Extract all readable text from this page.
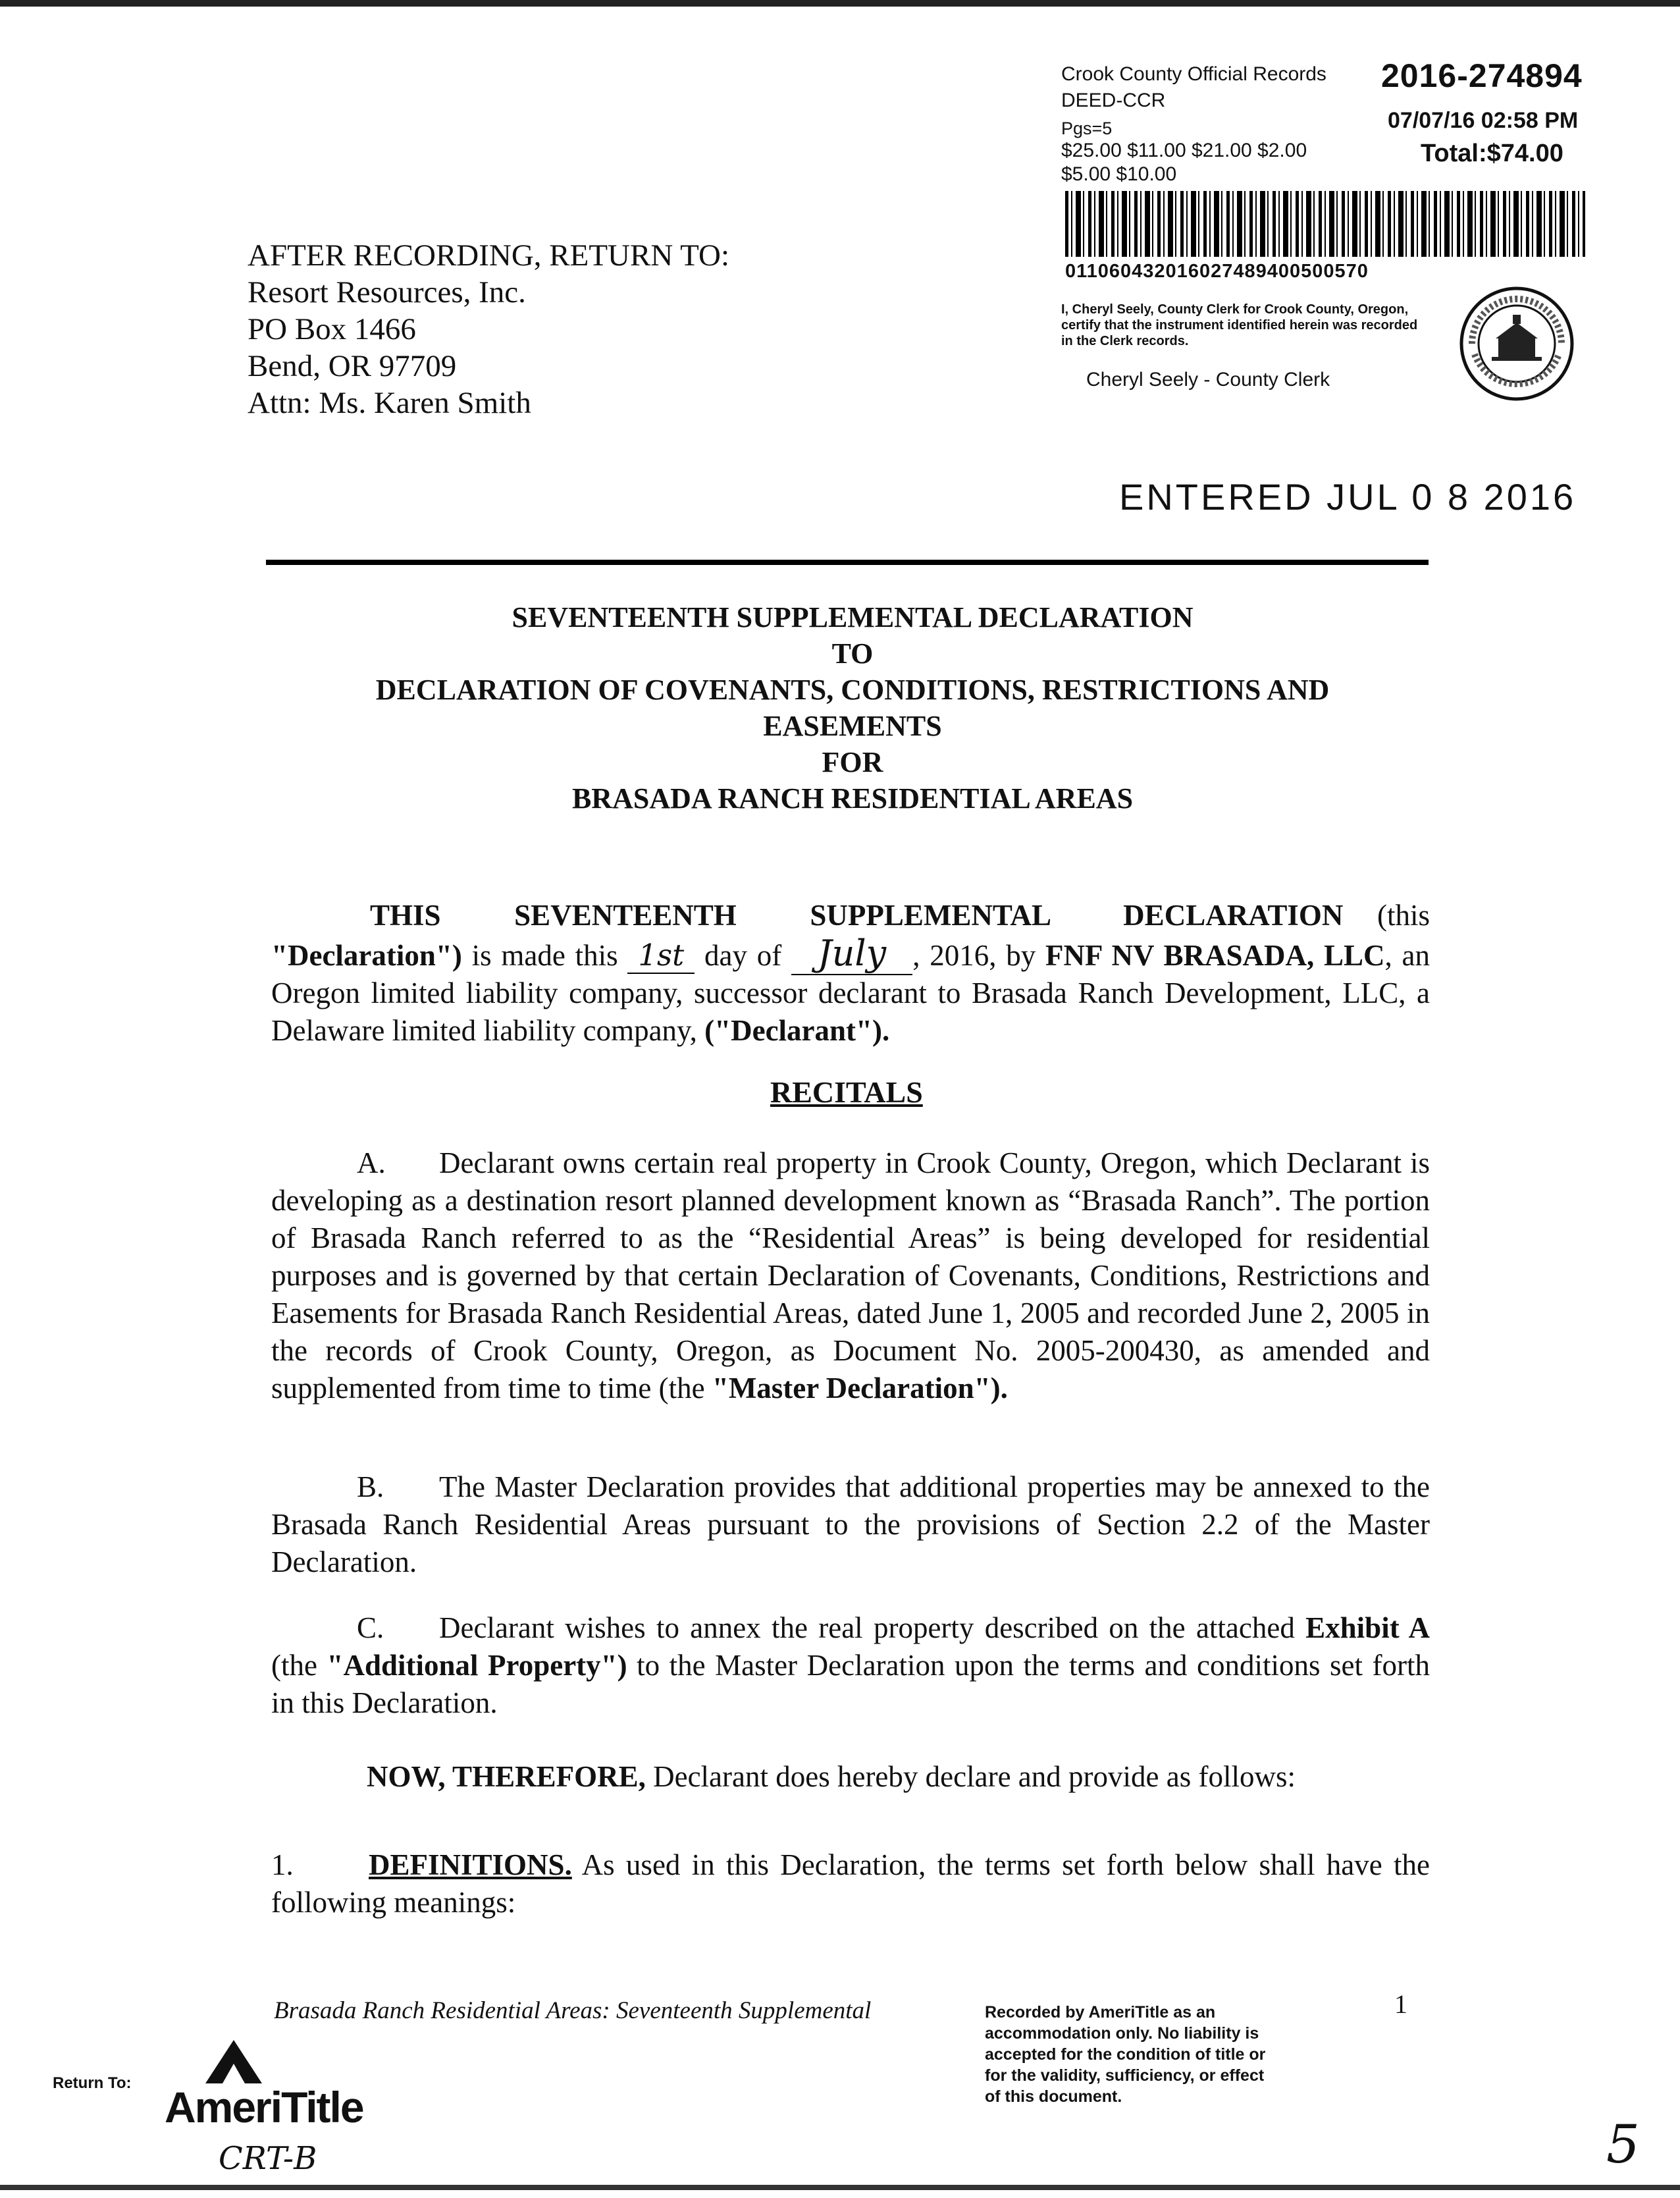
Crook County Official Records
DEED-CCR
Pgs=5
$25.00 $11.00 $21.00 $2.00
$5.00 $10.00
2016-274894
07/07/16 02:58 PM
Total:$74.00
011060432016027489400500570
I, Cheryl Seely, County Clerk for Crook County, Oregon, certify that the instrument identified herein was recorded in the Clerk records.
Cheryl Seely - County Clerk
AFTER RECORDING, RETURN TO:
Resort Resources, Inc.
PO Box 1466
Bend, OR 97709
Attn: Ms. Karen Smith
ENTERED JUL 0 8 2016
SEVENTEENTH SUPPLEMENTAL DECLARATION
TO
DECLARATION OF COVENANTS, CONDITIONS, RESTRICTIONS AND
EASEMENTS
FOR
BRASADA RANCH RESIDENTIAL AREAS
THIS SEVENTEENTH SUPPLEMENTAL DECLARATION (this "Declaration") is made this 1st day of July , 2016, by FNF NV BRASADA, LLC, an Oregon limited liability company, successor declarant to Brasada Ranch Development, LLC, a Delaware limited liability company, ("Declarant").
RECITALS
A. Declarant owns certain real property in Crook County, Oregon, which Declarant is developing as a destination resort planned development known as “Brasada Ranch”. The portion of Brasada Ranch referred to as the “Residential Areas” is being developed for residential purposes and is governed by that certain Declaration of Covenants, Conditions, Restrictions and Easements for Brasada Ranch Residential Areas, dated June 1, 2005 and recorded June 2, 2005 in the records of Crook County, Oregon, as Document No. 2005-200430, as amended and supplemented from time to time (the "Master Declaration").
B. The Master Declaration provides that additional properties may be annexed to the Brasada Ranch Residential Areas pursuant to the provisions of Section 2.2 of the Master Declaration.
C. Declarant wishes to annex the real property described on the attached Exhibit A (the "Additional Property") to the Master Declaration upon the terms and conditions set forth in this Declaration.
NOW, THEREFORE, Declarant does hereby declare and provide as follows:
1.	DEFINITIONS. As used in this Declaration, the terms set forth below shall have the following meanings:
Brasada Ranch Residential Areas: Seventeenth Supplemental	Recorded by AmeriTitle as an accommodation only. No liability is accepted for the condition of title or for the validity, sufficiency, or effect of this document.
1
Return To: AmeriTitle
CRT-B	5
